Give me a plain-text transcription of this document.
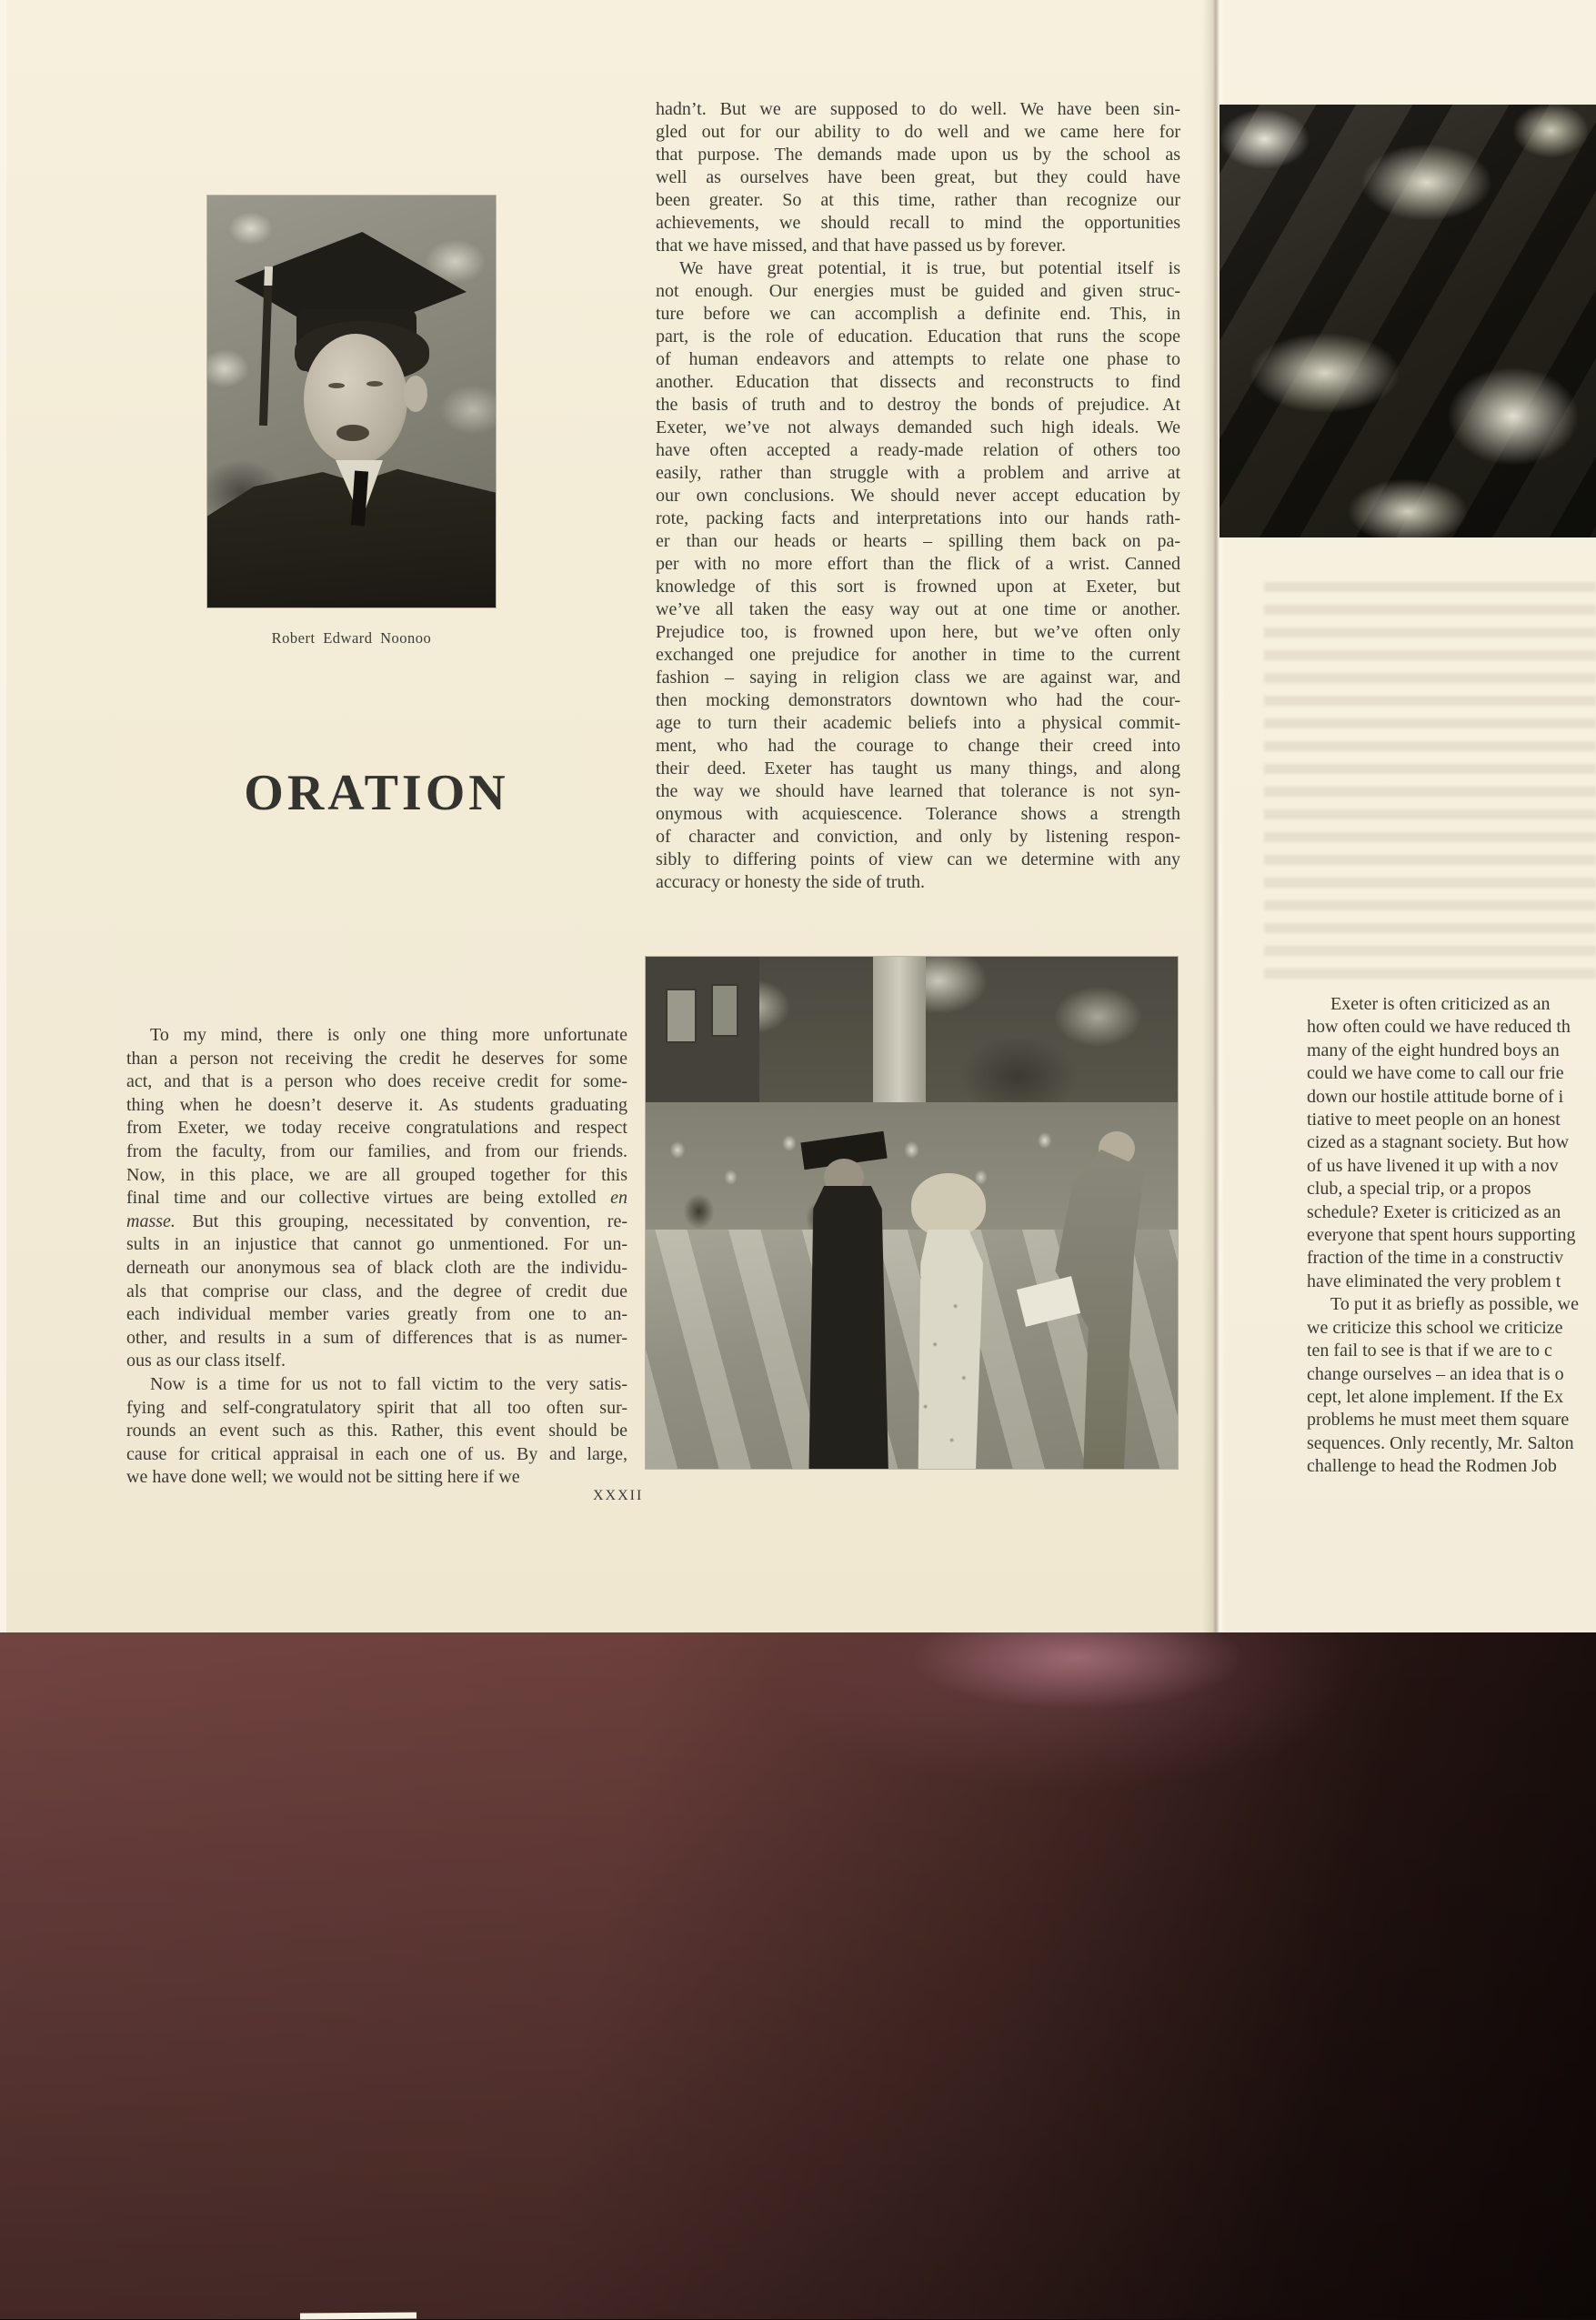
Robert Edward Noonoo
ORATION
hadn’t. But we are supposed to do well. We have been sin-
gled out for our ability to do well and we came here for
that purpose. The demands made upon us by the school as
well as ourselves have been great, but they could have
been greater. So at this time, rather than recognize our
achievements, we should recall to mind the opportunities
that we have missed, and that have passed us by forever.
We have great potential, it is true, but potential itself is
not enough. Our energies must be guided and given struc-
ture before we can accomplish a definite end. This, in
part, is the role of education. Education that runs the scope
of human endeavors and attempts to relate one phase to
another. Education that dissects and reconstructs to find
the basis of truth and to destroy the bonds of prejudice. At
Exeter, we’ve not always demanded such high ideals. We
have often accepted a ready-made relation of others too
easily, rather than struggle with a problem and arrive at
our own conclusions. We should never accept education by
rote, packing facts and interpretations into our hands rath-
er than our heads or hearts – spilling them back on pa-
per with no more effort than the flick of a wrist. Canned
knowledge of this sort is frowned upon at Exeter, but
we’ve all taken the easy way out at one time or another.
Prejudice too, is frowned upon here, but we’ve often only
exchanged one prejudice for another in time to the current
fashion – saying in religion class we are against war, and
then mocking demonstrators downtown who had the cour-
age to turn their academic beliefs into a physical commit-
ment, who had the courage to change their creed into
their deed. Exeter has taught us many things, and along
the way we should have learned that tolerance is not syn-
onymous with acquiescence. Tolerance shows a strength
of character and conviction, and only by listening respon-
sibly to differing points of view can we determine with any
accuracy or honesty the side of truth.
To my mind, there is only one thing more unfortunate
than a person not receiving the credit he deserves for some
act, and that is a person who does receive credit for some-
thing when he doesn’t deserve it. As students graduating
from Exeter, we today receive congratulations and respect
from the faculty, from our families, and from our friends.
Now, in this place, we are all grouped together for this
final time and our collective virtues are being extolled en
masse. But this grouping, necessitated by convention, re-
sults in an injustice that cannot go unmentioned. For un-
derneath our anonymous sea of black cloth are the individu-
als that comprise our class, and the degree of credit due
each individual member varies greatly from one to an-
other, and results in a sum of differences that is as numer-
ous as our class itself.
Now is a time for us not to fall victim to the very satis-
fying and self-congratulatory spirit that all too often sur-
rounds an event such as this. Rather, this event should be
cause for critical appraisal in each one of us. By and large,
we have done well; we would not be sitting here if we
Exeter is often criticized as an
how often could we have reduced th
many of the eight hundred boys an
could we have come to call our frie
down our hostile attitude borne of i
tiative to meet people on an honest
cized as a stagnant society. But how
of us have livened it up with a nov
club, a special trip, or a propos
schedule? Exeter is criticized as an
everyone that spent hours supporting
fraction of the time in a constructiv
have eliminated the very problem t
To put it as briefly as possible, we
we criticize this school we criticize
ten fail to see is that if we are to c
change ourselves – an idea that is o
cept, let alone implement. If the Ex
problems he must meet them square
sequences. Only recently, Mr. Salton
challenge to head the Rodmen Job
XXXII
